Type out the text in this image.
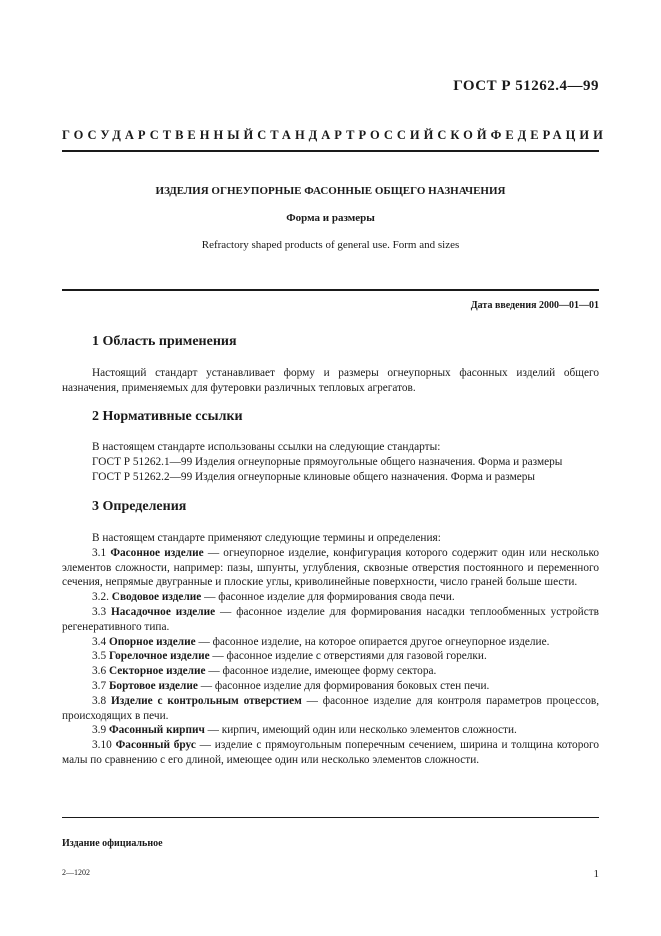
ГОСТ Р 51262.4—99
ГОСУДАРСТВЕННЫЙ СТАНДАРТ РОССИЙСКОЙ ФЕДЕРАЦИИ
ИЗДЕЛИЯ ОГНЕУПОРНЫЕ ФАСОННЫЕ ОБЩЕГО НАЗНАЧЕНИЯ
Форма и размеры
Refractory shaped products of general use. Form and sizes
Дата введения 2000—01—01
1 Область применения
Настоящий стандарт устанавливает форму и размеры огнеупорных фасонных изделий общего назначения, применяемых для футеровки различных тепловых агрегатов.
2 Нормативные ссылки
В настоящем стандарте использованы ссылки на следующие стандарты:
ГОСТ Р 51262.1—99 Изделия огнеупорные прямоугольные общего назначения. Форма и размеры
ГОСТ Р 51262.2—99 Изделия огнеупорные клиновые общего назначения. Форма и размеры
3 Определения
В настоящем стандарте применяют следующие термины и определения:
3.1 Фасонное изделие — огнеупорное изделие, конфигурация которого содержит один или несколько элементов сложности, например: пазы, шпунты, углубления, сквозные отверстия постоянного и переменного сечения, непрямые двугранные и плоские углы, криволинейные поверхности, число граней больше шести.
3.2. Сводовое изделие — фасонное изделие для формирования свода печи.
3.3 Насадочное изделие — фасонное изделие для формирования насадки теплообменных устройств регенеративного типа.
3.4 Опорное изделие — фасонное изделие, на которое опирается другое огнеупорное изделие.
3.5 Горелочное изделие — фасонное изделие с отверстиями для газовой горелки.
3.6 Секторное изделие — фасонное изделие, имеющее форму сектора.
3.7 Бортовое изделие — фасонное изделие для формирования боковых стен печи.
3.8 Изделие с контрольным отверстием — фасонное изделие для контроля параметров процессов, происходящих в печи.
3.9 Фасонный кирпич — кирпич, имеющий один или несколько элементов сложности.
3.10 Фасонный брус — изделие с прямоугольным поперечным сечением, ширина и толщина которого малы по сравнению с его длиной, имеющее один или несколько элементов сложности.
Издание официальное
2—1202	1
